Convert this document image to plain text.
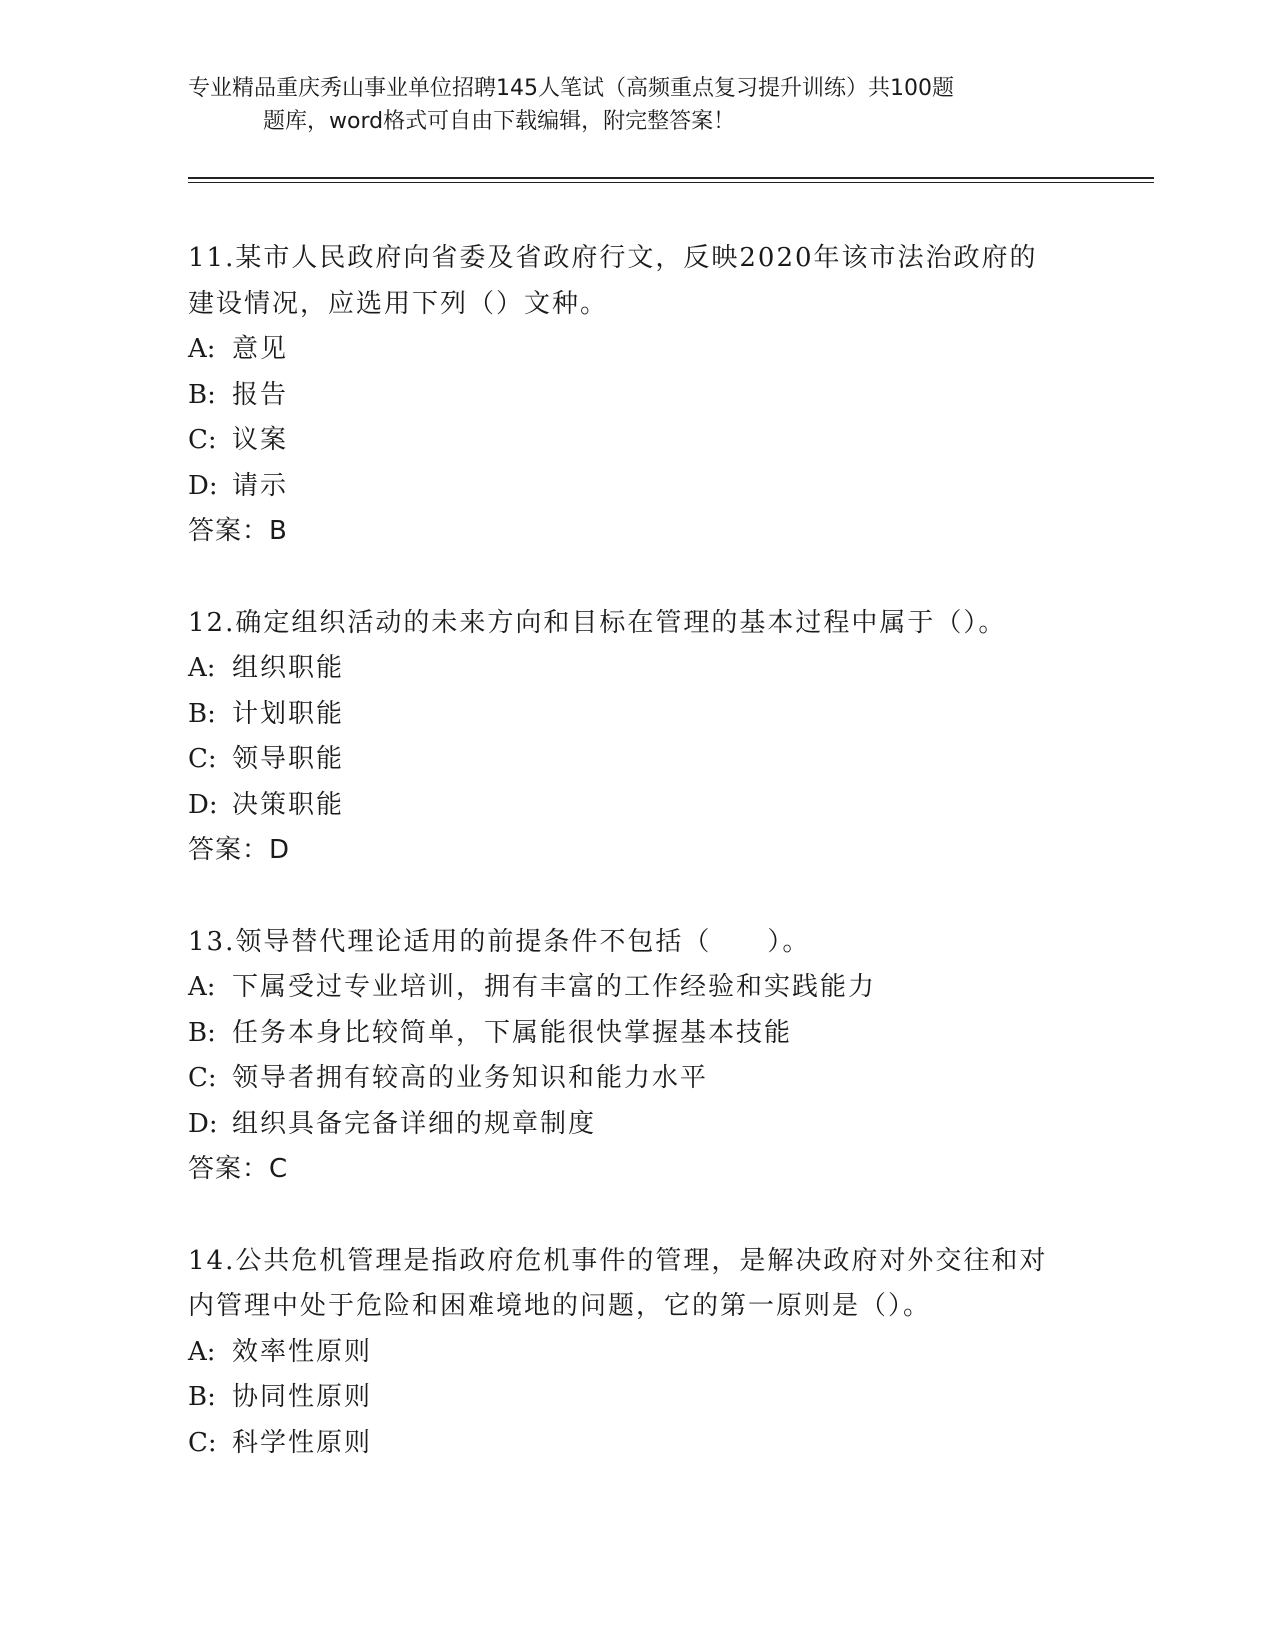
专业精品重庆秀山事业单位招聘145人笔试（高频重点复习提升训练）共100题
题库，word格式可自由下载编辑，附完整答案！
11.某市人民政府向省委及省政府行文，反映2020年该市法治政府的
建设情况，应选用下列（）文种。
A: 意见
B: 报告
C: 议案
D: 请示
答案：B
12.确定组织活动的未来方向和目标在管理的基本过程中属于（）。
A: 组织职能
B: 计划职能
C: 领导职能
D: 决策职能
答案：D
13.领导替代理论适用的前提条件不包括（　　）。
A: 下属受过专业培训，拥有丰富的工作经验和实践能力
B: 任务本身比较简单，下属能很快掌握基本技能
C: 领导者拥有较高的业务知识和能力水平
D: 组织具备完备详细的规章制度
答案：C
14.公共危机管理是指政府危机事件的管理，是解决政府对外交往和对
内管理中处于危险和困难境地的问题，它的第一原则是（）。
A: 效率性原则
B: 协同性原则
C: 科学性原则
